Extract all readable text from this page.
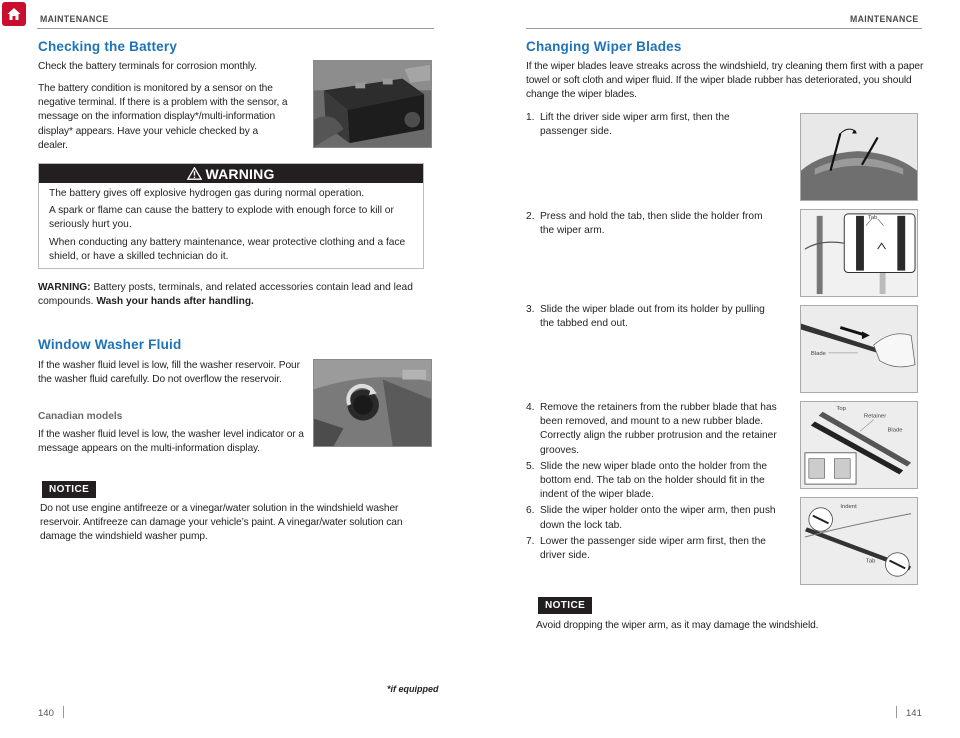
MAINTENANCE	MAINTENANCE
Checking the Battery

Check the battery terminals for corrosion monthly.

The battery condition is monitored by a sensor on the negative terminal. If there is a problem with the sensor, a message on the information display*/multi-information display* appears. Have your vehicle checked by a dealer.

WARNING

The battery gives off explosive hydrogen gas during normal operation.

A spark or flame can cause the battery to explode with enough force to kill or seriously hurt you.

When conducting any battery maintenance, wear protective clothing and a face shield, or have a skilled technician do it.

WARNING: Battery posts, terminals, and related accessories contain lead and lead compounds. Wash your hands after handling.

Window Washer Fluid

If the washer fluid level is low, fill the washer reservoir. Pour the washer fluid carefully. Do not overflow the reservoir.

Canadian models

If the washer fluid level is low, the washer level indicator or a message appears on the multi-information display.

NOTICE

Do not use engine antifreeze or a vinegar/water solution in the windshield washer reservoir. Antifreeze can damage your vehicle’s paint. A vinegar/water solution can damage the windshield washer pump.

*if equipped

140
Changing Wiper Blades

If the wiper blades leave streaks across the windshield, try cleaning them first with a paper towel or soft cloth and wiper fluid. If the wiper blade rubber has deteriorated, you should change the wiper blades.

1. Lift the driver side wiper arm first, then the passenger side.
2. Press and hold the tab, then slide the holder from the wiper arm.
3. Slide the wiper blade out from its holder by pulling the tabbed end out.
4. Remove the retainers from the rubber blade that has been removed, and mount to a new rubber blade. Correctly align the rubber protrusion and the retainer grooves.
5. Slide the new wiper blade onto the holder from the bottom end. The tab on the holder should fit in the indent of the wiper blade.
6. Slide the wiper holder onto the wiper arm, then push down the lock tab.
7. Lower the passenger side wiper arm first, then the driver side.
Tab
Blade
Top
Retainer
Blade
Indent
Tab
NOTICE

Avoid dropping the wiper arm, as it may damage the windshield.

141
